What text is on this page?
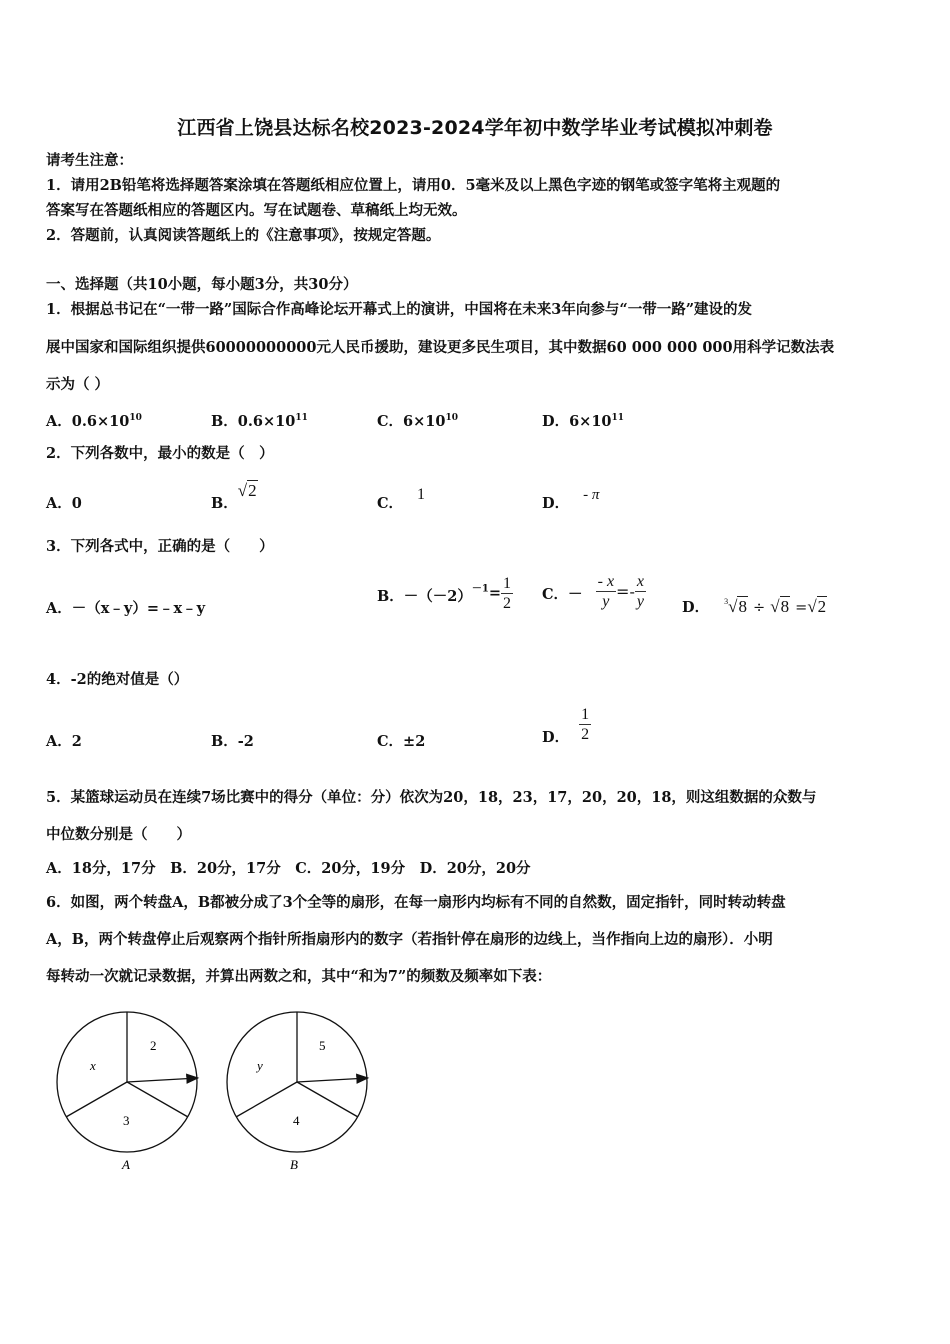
江西省上饶县达标名校2023-2024学年初中数学毕业考试模拟冲刺卷
请考生注意：
1．请用2B铅笔将选择题答案涂填在答题纸相应位置上，请用0．5毫米及以上黑色字迹的钢笔或签字笔将主观题的
答案写在答题纸相应的答题区内。写在试题卷、草稿纸上均无效。
2．答题前，认真阅读答题纸上的《注意事项》，按规定答题。
一、选择题（共10小题，每小题3分，共30分）
1．根据总书记在“一带一路”国际合作高峰论坛开幕式上的演讲，中国将在未来3年向参与“一带一路”建设的发
展中国家和国际组织提供60000000000元人民币援助，建设更多民生项目，其中数据60 000 000 000用科学记数法表
示为（ ）
A．$0.6\times 10^{10}$	B．$0.6\times 10^{11}$	C．$6\times 10^{10}$	D．$6\times 10^{11}$
2．下列各数中，最小的数是（　）
A．0	B．√2
C．1
D． - π
3．下列各式中，正确的是（　　）
A．－（x﹣y）=﹣x﹣y
B．$-(-2)^{-1}= \frac{1}{2}$ C．－ $\frac{- x}{y} =- \frac{x}{y}$ D． $^3$√8 ÷ √8 =√2
4．-2的绝对值是（）
A．2	B．-2	C．±2	D． $\frac{1}{2}$
5．某篮球运动员在连续7场比赛中的得分（单位：分）依次为20，18，23，17，20，20，18，则这组数据的众数与
中位数分别是（　　）
A．18分，17分　B．20分，17分　C．20分，19分　D．20分，20分
6．如图，两个转盘A，B都被分成了3个全等的扇形，在每一扇形内均标有不同的自然数，固定指针，同时转动转盘
A，B，两个转盘停止后观察两个指针所指扇形内的数字（若指针停在扇形的边线上，当作指向上边的扇形）．小明
每转动一次就记录数据，并算出两数之和，其中“和为7”的频数及频率如下表：
x
2
3
A
y
5
4
B
